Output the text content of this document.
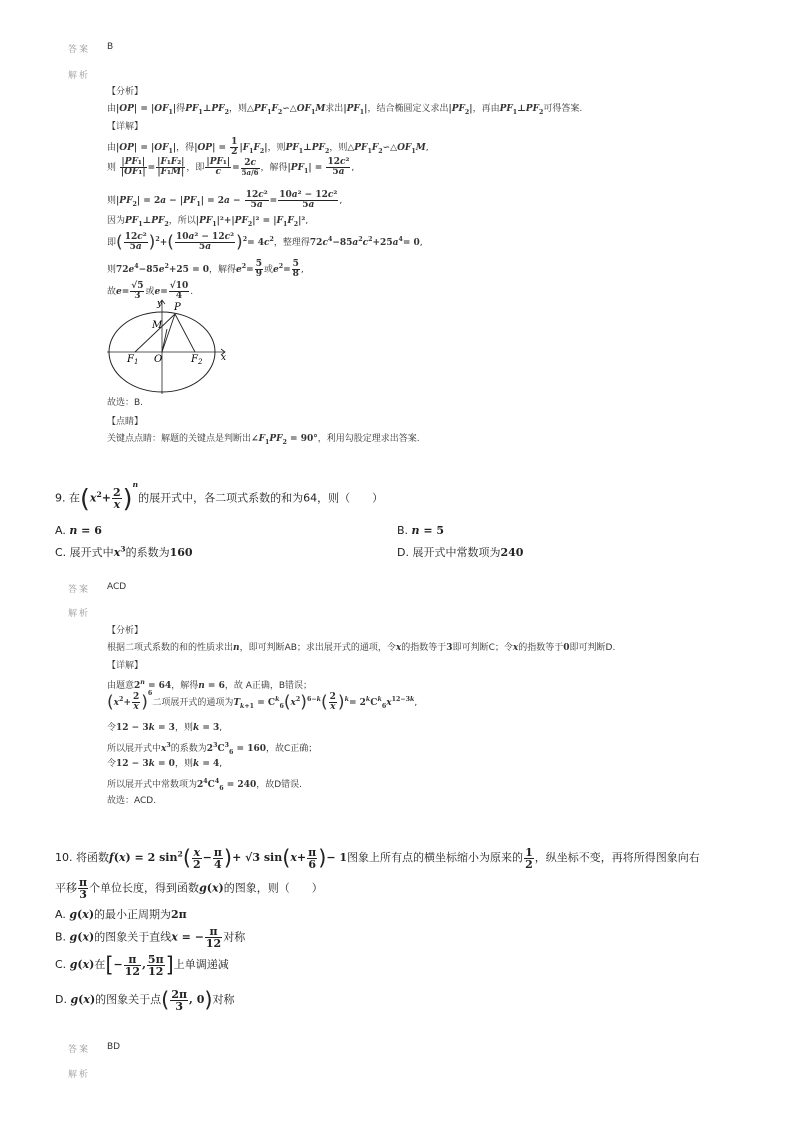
答案 B
解析
【分析】
由$|OP| = |OF_1|$得$PF_1\perp PF_2$，则$\triangle PF_1F_2∽\triangle OF_1M$求出$|PF_1|$，结合椭圆定义求出$|PF_2|$，再由$PF_1\perp PF_2$可得答案.
【详解】
由$|OP| = |OF_1|$，得$|OP| = \frac{1}{2} |F_1F_2|$，则$PF_1\perp PF_2$，则$\triangle PF_1F_2∽\triangle OF_1M$,
则 $\frac{\text{|PF₁|}}{\text{|OF₁|}} = \frac{\text{|F₁F₂|}}{\text{|F₁M|}}$ ，即 $\frac{\text{|PF₁|}}{c} = \frac{2c}{5a/6}$ ，解得$|PF_1| = \frac{\text{12c²}}{5a}$ ,
则$|PF_2| = 2a - |PF_1| = 2a - \frac{\text{12c²}}{5a} = \frac{\text{10a² − 12c²}}{5a}$ ,
因为$PF_1\perp PF_2$，所以$|PF_1|^2+|PF_2|^2 = |F_1F_2|^2$,
即( $\frac{\text{12c²}}{5a} )^2+( \frac{\text{10a² − 12c²}}{5a} )^2= 4c^2$，整理得$72c^4-85a^2c^2+25a^4= 0$,
则$72e^4-85e^2+25 = 0$，解得$e^2= \frac{5}{9}$ 或$e^2= \frac{5}{8}$ ,
故$e= \frac{√5}{3}$ 或$e= \frac{√10}{4}$ .
y
x
P
M
O
$F_1$	$F_2$
故选：B.
【点睛】
关键点点睛：解题的关键点是判断出$\angle F_1PF_2 = 90^\circ$，利用勾股定理求出答案.
9. 在$(x^2+ \frac{2}{x} )^n$的展开式中，各二项式系数的和为64，则（　　）
A. n = 6	B. n = 5
C. 展开式中$x^3$的系数为160	D. 展开式中常数项为240
答案 ACD
解析
【分析】
根据二项式系数的和的性质求出n，即可判断AB；求出展开式的通项，令x的指数等于3即可判断C；令x的指数等于0即可判断D.
【详解】
由题意$2^n = 64$，解得n = 6，故 A正确，B错误；
$(x^2+ \frac{2}{x} )^6$二项展开式的通项为$T_{k+1} = C^k_6(x^2)^{6-k}( \frac{2}{x} )^k= 2^kC^k_6x^{12-3k}$,
令12 − 3k = 3，则k = 3,
所以展开式中$x^3$的系数为$2^3C^3_6 = 160$，故C正确；
令12 − 3k = 0，则k = 4,
所以展开式中常数项为$2^4C^4_6 = 240$，故D错误.
故选：ACD.
10. 将函数f(x) = 2 $\sin^2( \frac{x}{2} - \frac{\pi}{4}$ )+ √3 $\sin(x+ \frac{\pi}{6}$ )− 1图象上所有点的横坐标缩小为原来的 $\frac{1}{2}$ ，纵坐标不变，再将所得图象向右
平移 $\frac{\pi}{3}$ 个单位长度，得到函数g(x)的图象，则（　　）
A. g(x)的最小正周期为2π
B. g(x)的图象关于直线x = − $\frac{\pi}{12}$ 对称
C. g(x)在[− $\frac{\pi}{12}$ , $\frac{5\pi}{12}$ ]上单调递减
D. g(x)的图象关于点( $\frac{2\pi}{3}$ , 0)对称
答案 BD
解析
